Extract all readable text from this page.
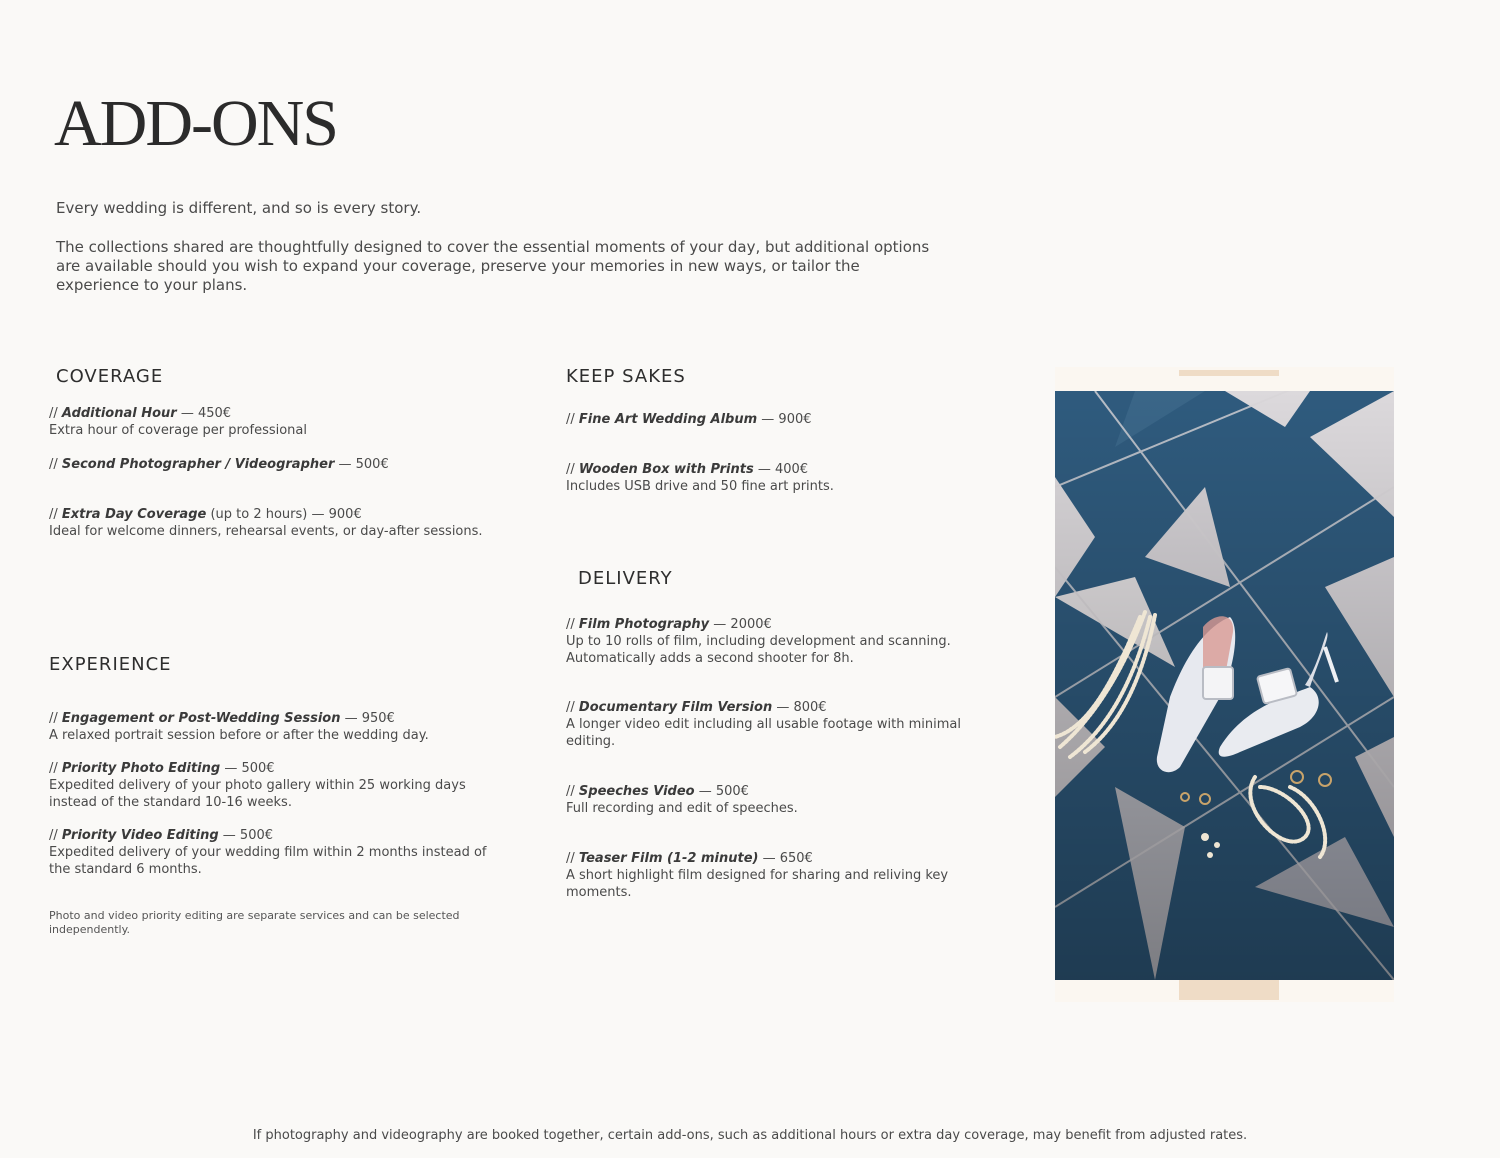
ADD-ONS

Every wedding is different, and so is every story.

The collections shared are thoughtfully designed to cover the essential moments of your day, but additional options are available should you wish to expand your coverage, preserve your memories in new ways, or tailor the experience to your plans.

COVERAGE
// Additional Hour — 450€
Extra hour of coverage per professional
// Second Photographer / Videographer — 500€
// Extra Day Coverage (up to 2 hours) — 900€
Ideal for welcome dinners, rehearsal events, or day-after sessions.
EXPERIENCE
// Engagement or Post-Wedding Session — 950€
A relaxed portrait session before or after the wedding day.
// Priority Photo Editing — 500€
Expedited delivery of your photo gallery within 25 working days instead of the standard 10-16 weeks.
// Priority Video Editing — 500€
Expedited delivery of your wedding film within 2 months instead of the standard 6 months.
Photo and video priority editing are separate services and can be selected independently.
KEEP SAKES
// Fine Art Wedding Album — 900€
// Wooden Box with Prints — 400€
Includes USB drive and 50 fine art prints.
DELIVERY
// Film Photography — 2000€
Up to 10 rolls of film, including development and scanning. Automatically adds a second shooter for 8h.
// Documentary Film Version — 800€
A longer video edit including all usable footage with minimal editing.
// Speeches Video — 500€
Full recording and edit of speeches.
// Teaser Film (1-2 minute) — 650€
A short highlight film designed for sharing and reliving key moments.
If photography and videography are booked together, certain add-ons, such as additional hours or extra day coverage, may benefit from adjusted rates.
